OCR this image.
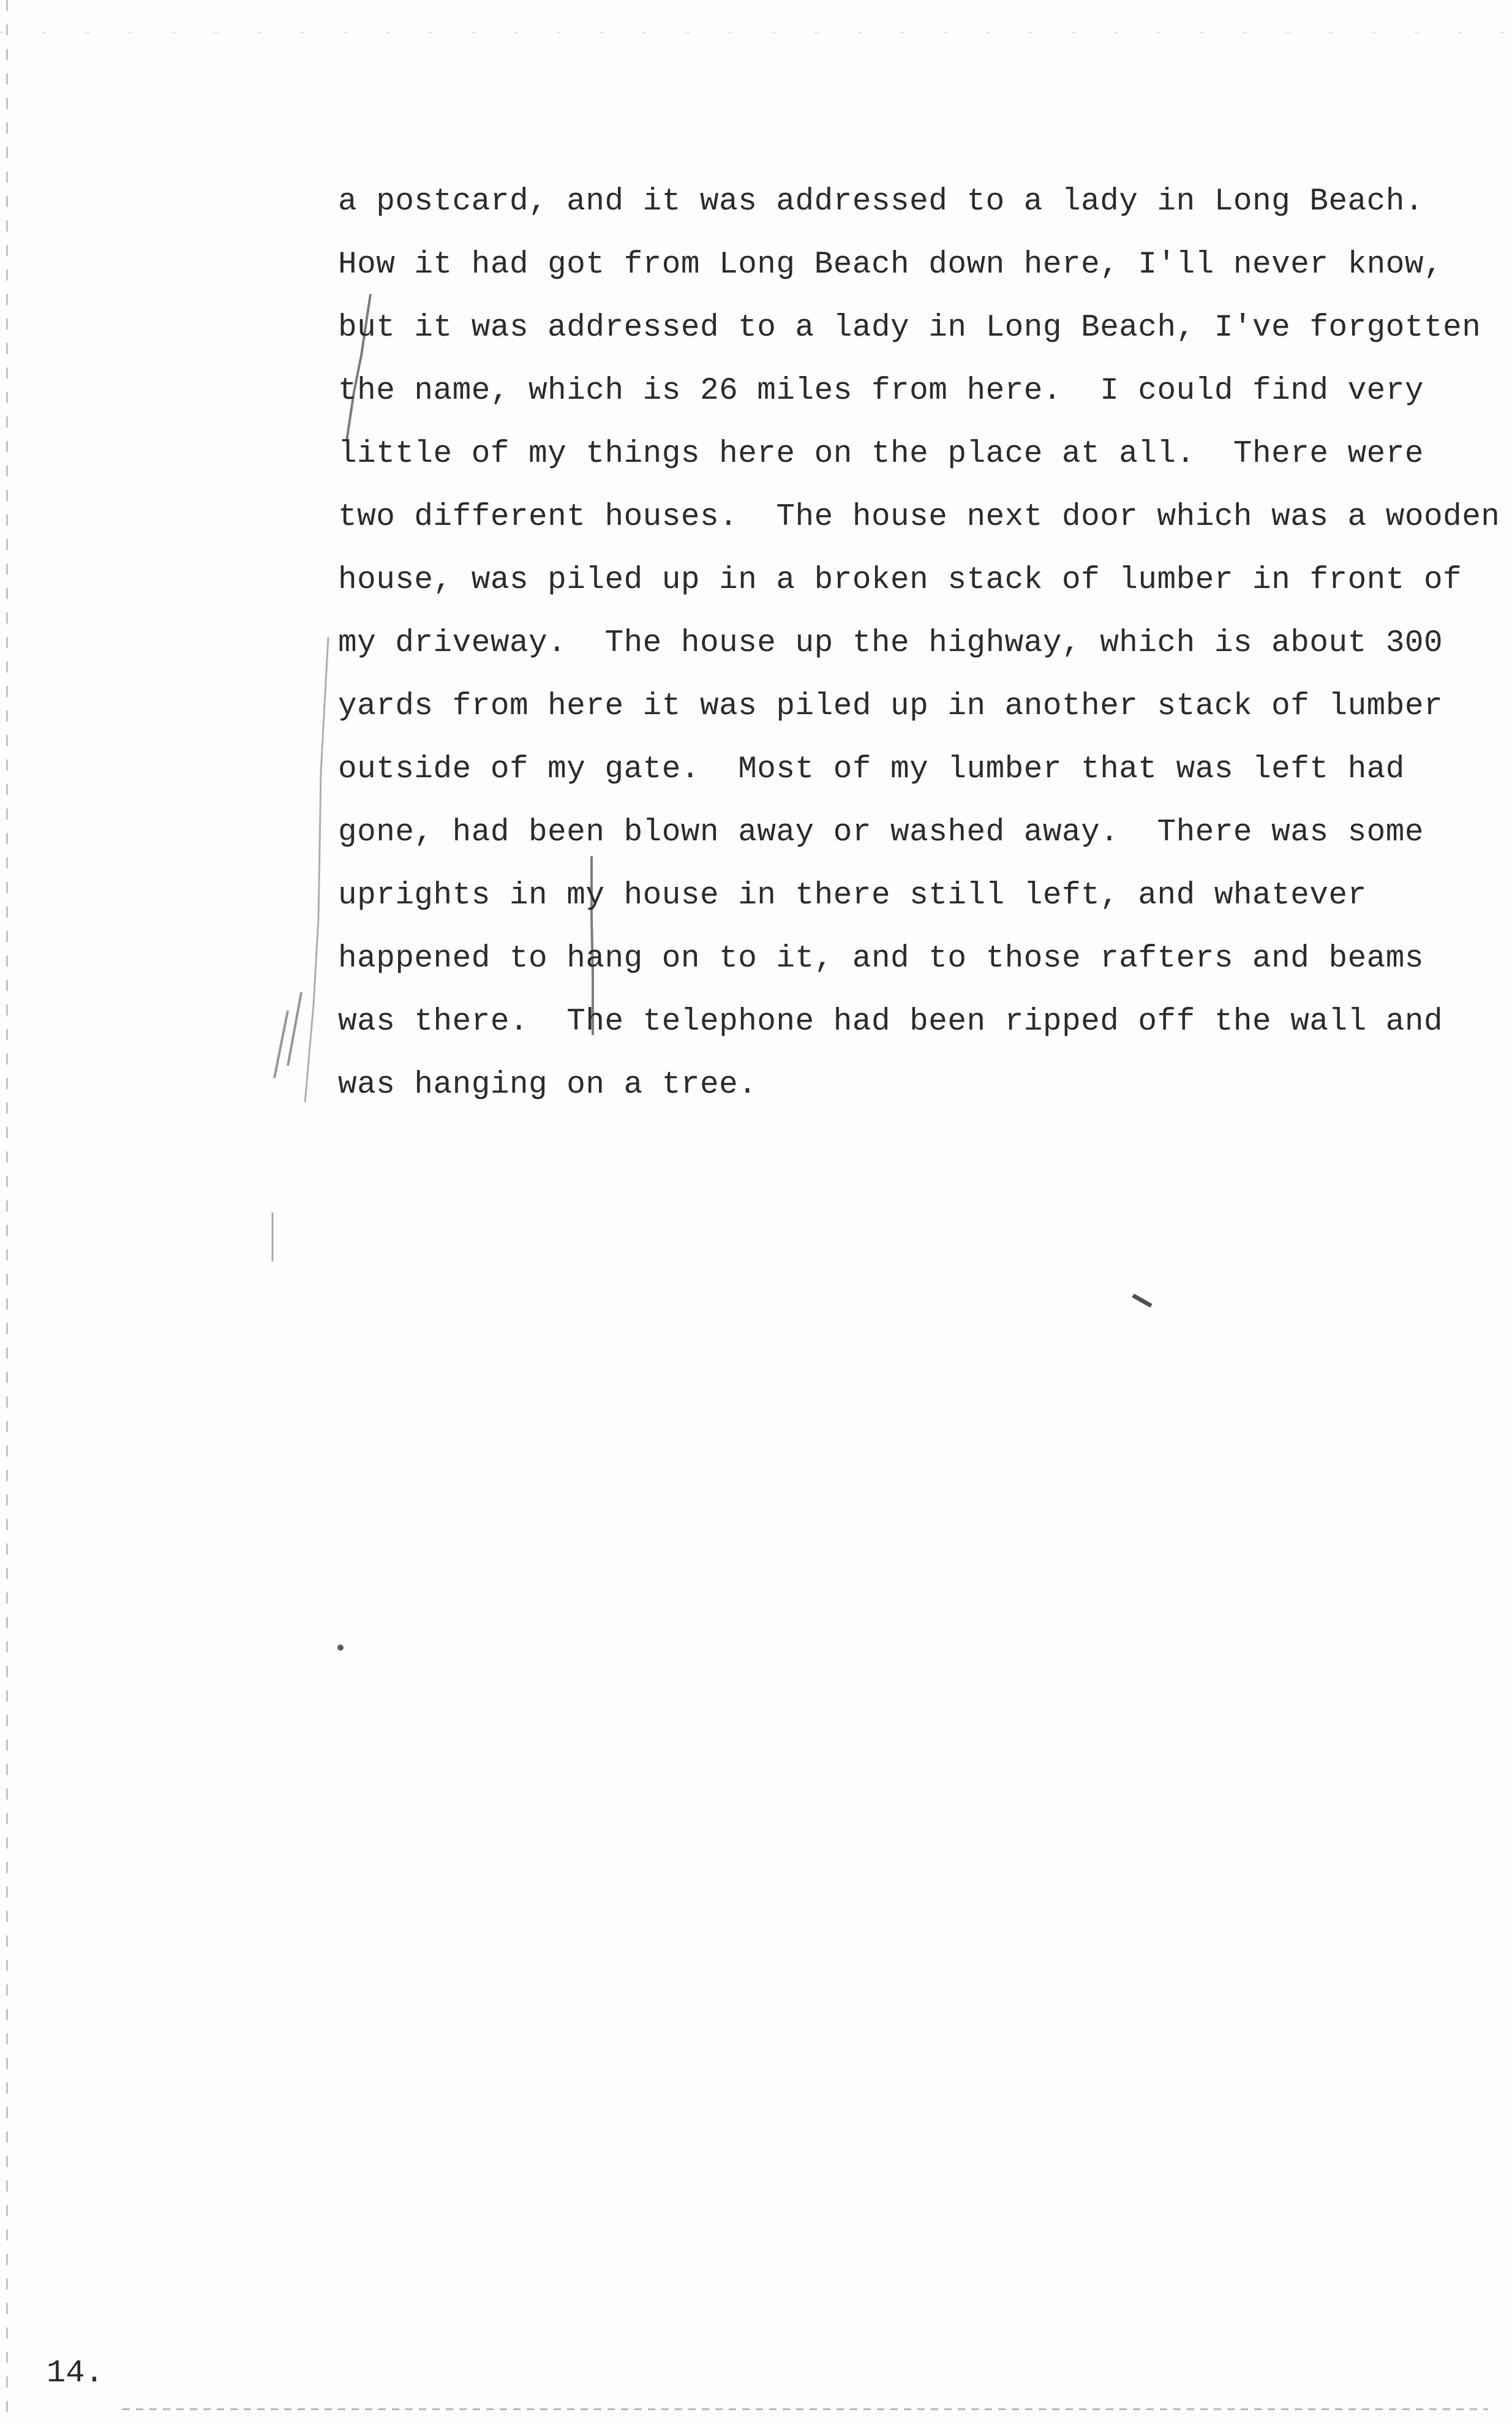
a postcard, and it was addressed to a lady in Long Beach.
How it had got from Long Beach down here, I'll never know,
but it was addressed to a lady in Long Beach, I've forgotten
the name, which is 26 miles from here.  I could find very
little of my things here on the place at all.  There were
two different houses.  The house next door which was a wooden
house, was piled up in a broken stack of lumber in front of
my driveway.  The house up the highway, which is about 300
yards from here it was piled up in another stack of lumber
outside of my gate.  Most of my lumber that was left had
gone, had been blown away or washed away.  There was some
uprights in my house in there still left, and whatever
happened to hang on to it, and to those rafters and beams
was there.  The telephone had been ripped off the wall and
was hanging on a tree.

14.
